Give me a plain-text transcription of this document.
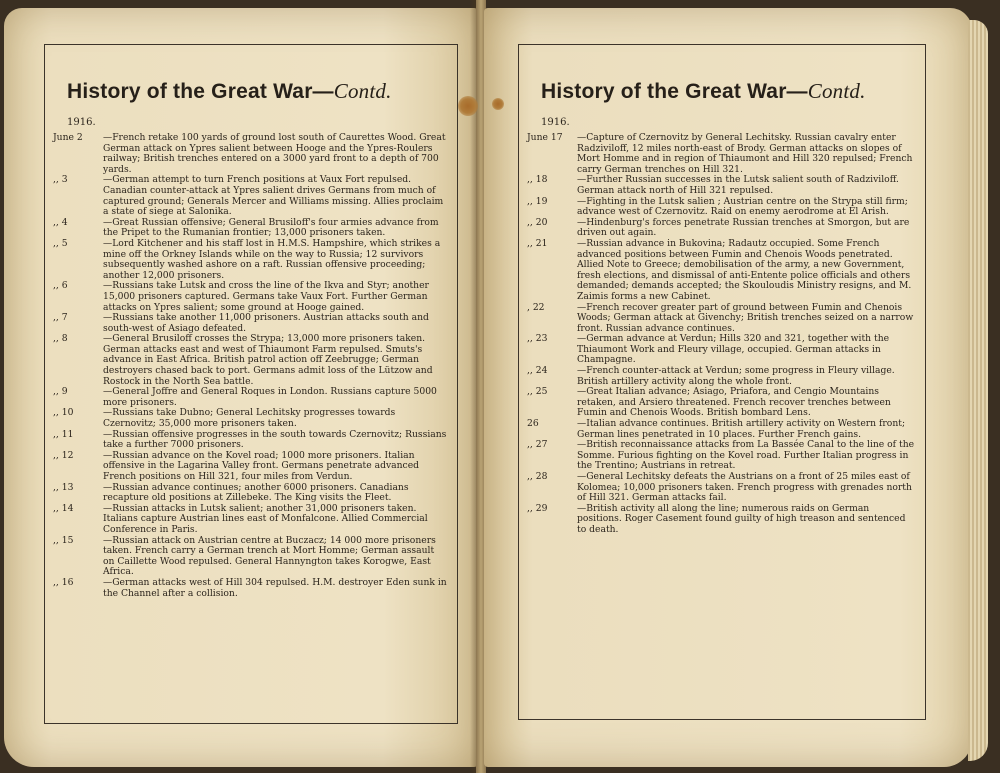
History of the Great War—Contd.
1916.
June 2	—French retake 100 yards of ground lost south of Caurettes Wood. Great German attack on Ypres salient between Hooge and the Ypres-Roulers railway; British trenches entered on a 3000 yard front to a depth of 700 yards.
,, 3	—German attempt to turn French positions at Vaux Fort repulsed. Canadian counter-attack at Ypres salient drives Germans from much of captured ground; Generals Mercer and Williams missing. Allies proclaim a state of siege at Salonika.
,, 4	—Great Russian offensive; General Brusiloff's four armies advance from the Pripet to the Rumanian frontier; 13,000 prisoners taken.
,, 5	—Lord Kitchener and his staff lost in H.M.S. Hampshire, which strikes a mine off the Orkney Islands while on the way to Russia; 12 survivors subsequently washed ashore on a raft. Russian offensive proceeding; another 12,000 prisoners.
,, 6	—Russians take Lutsk and cross the line of the Ikva and Styr; another 15,000 prisoners captured. Germans take Vaux Fort. Further German attacks on Ypres salient; some ground at Hooge gained.
,, 7	—Russians take another 11,000 prisoners. Austrian attacks south and south-west of Asiago defeated.
,, 8	—General Brusiloff crosses the Strypa; 13,000 more prisoners taken. German attacks east and west of Thiaumont Farm repulsed. Smuts's advance in East Africa. British patrol action off Zeebrugge; German destroyers chased back to port. Germans admit loss of the Lützow and Rostock in the North Sea battle.
,, 9	—General Joffre and General Roques in London. Russians capture 5000 more prisoners.
,, 10	—Russians take Dubno; General Lechitsky progresses towards Czernovitz; 35,000 more prisoners taken.
,, 11	—Russian offensive progresses in the south towards Czernovitz; Russians take a further 7000 prisoners.
,, 12	—Russian advance on the Kovel road; 1000 more prisoners. Italian offensive in the Lagarina Valley front. Germans penetrate advanced French positions on Hill 321, four miles from Verdun.
,, 13	—Russian advance continues; another 6000 prisoners. Canadians recapture old positions at Zillebeke. The King visits the Fleet.
,, 14	—Russian attacks in Lutsk salient; another 31,000 prisoners taken. Italians capture Austrian lines east of Monfalcone. Allied Commercial Conference in Paris.
,, 15	—Russian attack on Austrian centre at Buczacz; 14 000 more prisoners taken. French carry a German trench at Mort Homme; German assault on Caillette Wood repulsed. General Hannyngton takes Korogwe, East Africa.
,, 16	—German attacks west of Hill 304 repulsed. H.M. destroyer Eden sunk in the Channel after a collision.
History of the Great War—Contd.
1916.
June 17	—Capture of Czernovitz by General Lechitsky. Russian cavalry enter Radziviloff, 12 miles north-east of Brody. German attacks on slopes of Mort Homme and in region of Thiaumont and Hill 320 repulsed; French carry German trenches on Hill 321.
,, 18	—Further Russian successes in the Lutsk salient south of Radziviloff. German attack north of Hill 321 repulsed.
,, 19	—Fighting in the Lutsk salien ; Austrian centre on the Strypa still firm; advance west of Czernovitz. Raid on enemy aerodrome at El Arish.
,, 20	—Hindenburg's forces penetrate Russian trenches at Smorgon, but are driven out again.
,, 21	—Russian advance in Bukovina; Radautz occupied. Some French advanced positions between Fumin and Chenois Woods penetrated. Allied Note to Greece; demobilisation of the army, a new Government, fresh elections, and dismissal of anti-Entente police officials and others demanded; demands accepted; the Skouloudis Ministry resigns, and M. Zaimis forms a new Cabinet.
, 22	—French recover greater part of ground between Fumin and Chenois Woods; German attack at Givenchy; British trenches seized on a narrow front. Russian advance continues.
,, 23	—German advance at Verdun; Hills 320 and 321, together with the Thiaumont Work and Fleury village, occupied. German attacks in Champagne.
,, 24	—French counter-attack at Verdun; some progress in Fleury village. British artillery activity along the whole front.
,, 25	—Great Italian advance; Asiago, Priafora, and Cengio Mountains retaken, and Arsiero threatened. French recover trenches between Fumin and Chenois Woods. British bombard Lens.
26	—Italian advance continues. British artillery activity on Western front; German lines penetrated in 10 places. Further French gains.
,, 27	—British reconnaissance attacks from La Bassée Canal to the line of the Somme. Furious fighting on the Kovel road. Further Italian progress in the Trentino; Austrians in retreat.
,, 28	—General Lechitsky defeats the Austrians on a front of 25 miles east of Kolomea; 10,000 prisoners taken. French progress with grenades north of Hill 321. German attacks fail.
,, 29	—British activity all along the line; numerous raids on German positions. Roger Casement found guilty of high treason and sentenced to death.
